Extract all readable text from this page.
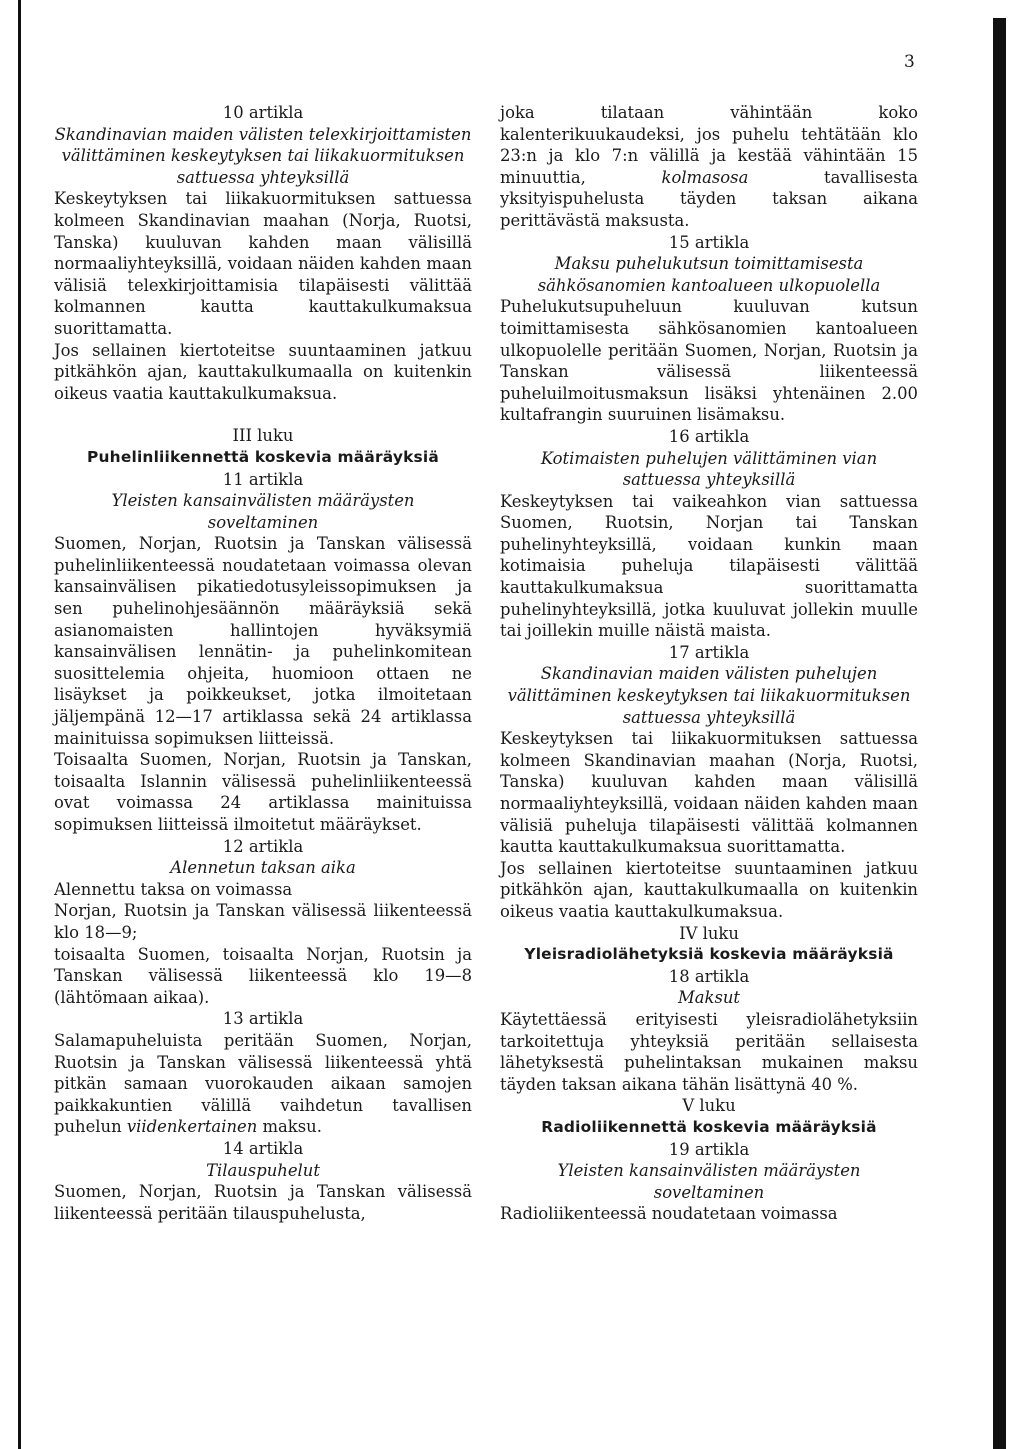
3

10 artikla

Skandinavian maiden välisten telexkirjoittamisten välittäminen keskeytyksen tai liikakuormituksen sattuessa yhteyksillä

Keskeytyksen tai liikakuormituksen sattuessa kolmeen Skandinavian maahan (Norja, Ruotsi, Tanska) kuuluvan kahden maan välisillä normaaliyhteyksillä, voidaan näiden kahden maan välisiä telexkirjoittamisia tilapäisesti välittää kolmannen kautta kauttakulkumaksua suorittamatta.

Jos sellainen kiertoteitse suuntaaminen jatkuu pitkähkön ajan, kauttakulkumaalla on kuitenkin oikeus vaatia kauttakulkumaksua.

III luku

Puhelinliikennettä koskevia määräyksiä

11 artikla

Yleisten kansainvälisten määräysten soveltaminen

Suomen, Norjan, Ruotsin ja Tanskan välisessä puhelinliikenteessä noudatetaan voimassa olevan kansainvälisen pikatiedotusyleissopimuksen ja sen puhelinohjesäännön määräyksiä sekä asianomaisten hallintojen hyväksymiä kansainvälisen lennätin- ja puhelinkomitean suosittelemia ohjeita, huomioon ottaen ne lisäykset ja poikkeukset, jotka ilmoitetaan jäljempänä 12—17 artiklassa sekä 24 artiklassa mainituissa sopimuksen liitteissä.

Toisaalta Suomen, Norjan, Ruotsin ja Tanskan, toisaalta Islannin välisessä puhelinliikenteessä ovat voimassa 24 artiklassa mainituissa sopimuksen liitteissä ilmoitetut määräykset.

12 artikla

Alennetun taksan aika

Alennettu taksa on voimassa

Norjan, Ruotsin ja Tanskan välisessä liikenteessä klo 18—9;

toisaalta Suomen, toisaalta Norjan, Ruotsin ja Tanskan välisessä liikenteessä klo 19—8 (lähtömaan aikaa).

13 artikla

Salamapuheluista peritään Suomen, Norjan, Ruotsin ja Tanskan välisessä liikenteessä yhtä pitkän samaan vuorokauden aikaan samojen paikkakuntien välillä vaihdetun tavallisen puhelun viidenkertainen maksu.

14 artikla

Tilauspuhelut

Suomen, Norjan, Ruotsin ja Tanskan välisessä liikenteessä peritään tilauspuhelusta,

joka tilataan vähintään koko kalenterikuukaudeksi, jos puhelu tehtätään klo 23:n ja klo 7:n välillä ja kestää vähintään 15 minuuttia,	kolmasosa	tavallisesta yksityispuhelusta täyden taksan aikana perittävästä maksusta.

15 artikla

Maksu puhelukutsun toimittamisesta sähkösanomien kantoalueen ulkopuolella

Puhelukutsupuheluun kuuluvan kutsun toimittamisesta sähkösanomien kantoalueen ulkopuolelle peritään Suomen, Norjan, Ruotsin ja Tanskan välisessä liikenteessä puheluilmoitusmaksun lisäksi yhtenäinen 2.00 kultafrangin suuruinen lisämaksu.

16 artikla

Kotimaisten puhelujen välittäminen vian sattuessa yhteyksillä

Keskeytyksen tai vaikeahkon vian sattuessa Suomen, Ruotsin, Norjan tai Tanskan puhelinyhteyksillä, voidaan kunkin maan kotimaisia puheluja tilapäisesti välittää kauttakulkumaksua suorittamatta puhelinyhteyksillä, jotka kuuluvat jollekin muulle tai joillekin muille näistä maista.

17 artikla

Skandinavian maiden välisten puhelujen välittäminen keskeytyksen tai liikakuormituksen sattuessa yhteyksillä

Keskeytyksen tai liikakuormituksen sattuessa kolmeen Skandinavian maahan (Norja, Ruotsi, Tanska) kuuluvan kahden maan välisillä normaaliyhteyksillä, voidaan näiden kahden maan välisiä puheluja tilapäisesti välittää kolmannen kautta kauttakulkumaksua suorittamatta.

Jos sellainen kiertoteitse suuntaaminen jatkuu pitkähkön ajan, kauttakulkumaalla on kuitenkin oikeus vaatia kauttakulkumaksua.

IV luku

Yleisradiolähetyksiä koskevia määräyksiä

18 artikla

Maksut

Käytettäessä erityisesti yleisradiolähetyksiin tarkoitettuja yhteyksiä peritään sellaisesta lähetyksestä puhelintaksan mukainen maksu täyden taksan aikana tähän lisättynä 40 %.

V luku

Radioliikennettä koskevia määräyksiä

19 artikla

Yleisten kansainvälisten määräysten soveltaminen

Radioliikenteessä noudatetaan voimassa
